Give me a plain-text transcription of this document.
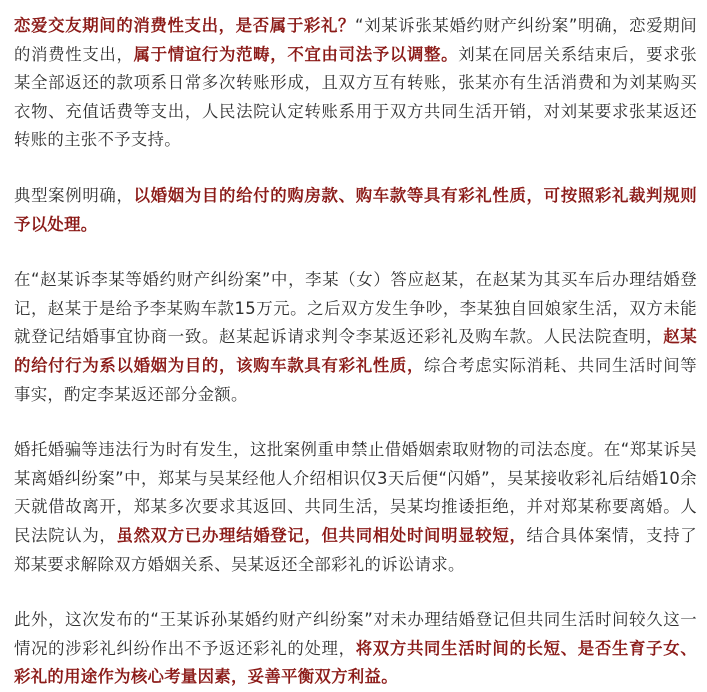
恋爱交友期间的消费性支出，是否属于彩礼？“刘某诉张某婚约财产纠纷案”明确，恋爱期间的消费性支出，属于情谊行为范畴，不宜由司法予以调整。刘某在同居关系结束后，要求张某全部返还的款项系日常多次转账形成，且双方互有转账，张某亦有生活消费和为刘某购买衣物、充值话费等支出，人民法院认定转账系用于双方共同生活开销，对刘某要求张某返还转账的主张不予支持。

典型案例明确，以婚姻为目的给付的购房款、购车款等具有彩礼性质，可按照彩礼裁判规则予以处理。

在“赵某诉李某等婚约财产纠纷案”中，李某（女）答应赵某，在赵某为其买车后办理结婚登记，赵某于是给予李某购车款15万元。之后双方发生争吵，李某独自回娘家生活，双方未能就登记结婚事宜协商一致。赵某起诉请求判令李某返还彩礼及购车款。人民法院查明，赵某的给付行为系以婚姻为目的，该购车款具有彩礼性质，综合考虑实际消耗、共同生活时间等事实，酌定李某返还部分金额。

婚托婚骗等违法行为时有发生，这批案例重申禁止借婚姻索取财物的司法态度。在“郑某诉吴某离婚纠纷案”中，郑某与吴某经他人介绍相识仅3天后便“闪婚”，吴某接收彩礼后结婚10余天就借故离开，郑某多次要求其返回、共同生活，吴某均推诿拒绝，并对郑某称要离婚。人民法院认为，虽然双方已办理结婚登记，但共同相处时间明显较短，结合具体案情，支持了郑某要求解除双方婚姻关系、吴某返还全部彩礼的诉讼请求。

此外，这次发布的“王某诉孙某婚约财产纠纷案”对未办理结婚登记但共同生活时间较久这一情况的涉彩礼纠纷作出不予返还彩礼的处理，将双方共同生活时间的长短、是否生育子女、彩礼的用途作为核心考量因素，妥善平衡双方利益。
